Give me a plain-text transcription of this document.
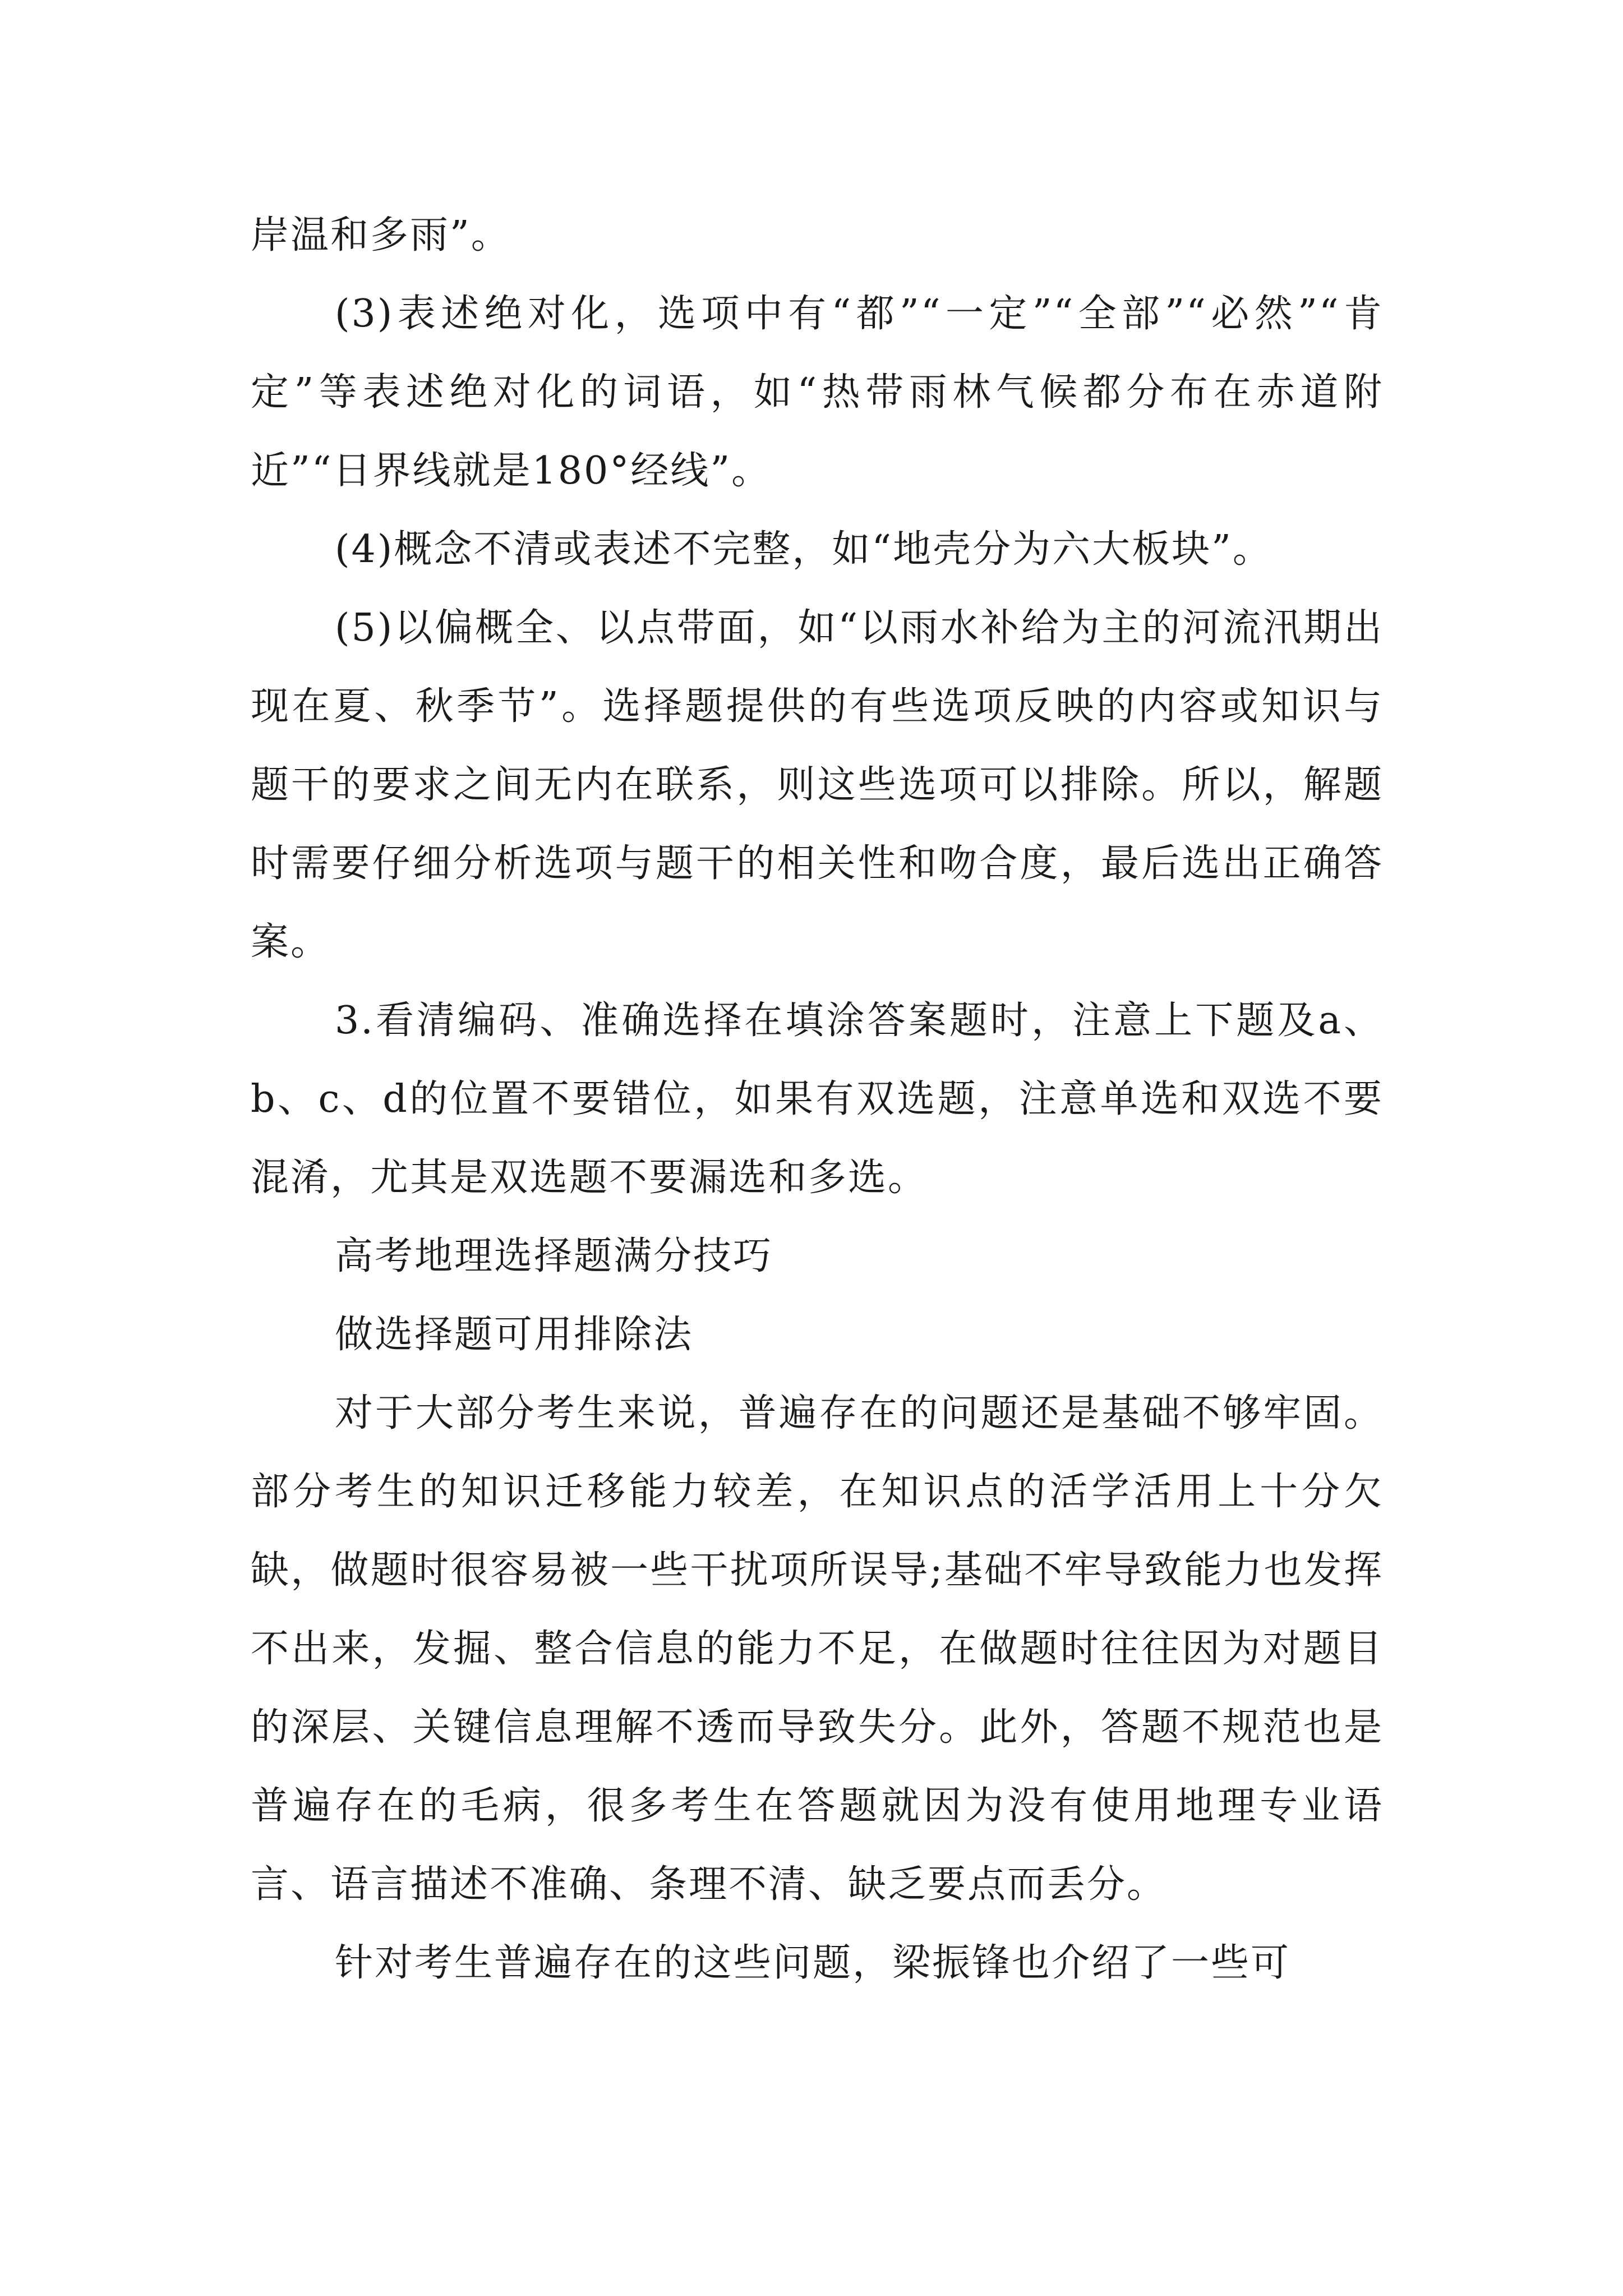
岸温和多雨”。

(3)表述绝对化，选项中有“都”“一定”“全部”“必然”“肯定”等表述绝对化的词语，如“热带雨林气候都分布在赤道附近”“日界线就是180°经线”。

(4)概念不清或表述不完整，如“地壳分为六大板块”。

(5)以偏概全、以点带面，如“以雨水补给为主的河流汛期出现在夏、秋季节”。选择题提供的有些选项反映的内容或知识与题干的要求之间无内在联系，则这些选项可以排除。所以，解题时需要仔细分析选项与题干的相关性和吻合度，最后选出正确答案。

3.看清编码、准确选择在填涂答案题时，注意上下题及a、b、c、d的位置不要错位，如果有双选题，注意单选和双选不要混淆，尤其是双选题不要漏选和多选。

高考地理选择题满分技巧

做选择题可用排除法

对于大部分考生来说，普遍存在的问题还是基础不够牢固。部分考生的知识迁移能力较差，在知识点的活学活用上十分欠缺，做题时很容易被一些干扰项所误导;基础不牢导致能力也发挥不出来，发掘、整合信息的能力不足，在做题时往往因为对题目的深层、关键信息理解不透而导致失分。此外，答题不规范也是普遍存在的毛病，很多考生在答题就因为没有使用地理专业语言、语言描述不准确、条理不清、缺乏要点而丢分。

针对考生普遍存在的这些问题，梁振锋也介绍了一些可
